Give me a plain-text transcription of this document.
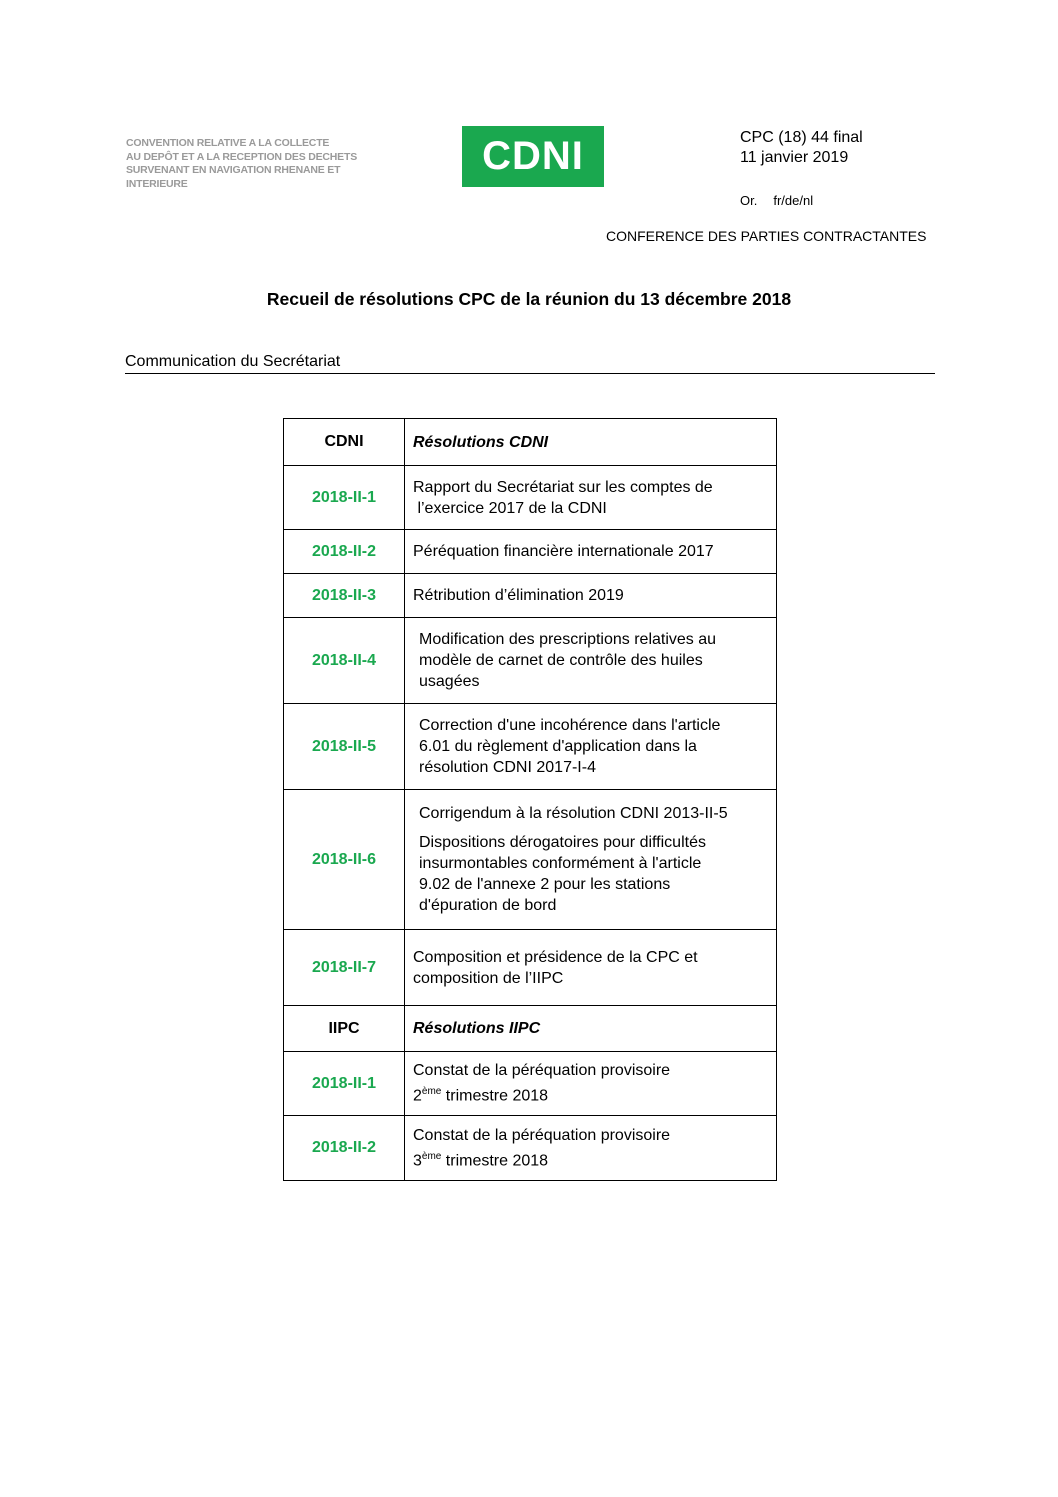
CONVENTION RELATIVE A LA COLLECTE
AU DEPÔT ET A LA RECEPTION DES DECHETS
SURVENANT EN NAVIGATION RHENANE ET
INTERIEURE
CDNI	CPC (18) 44 final
11 janvier 2019
Or. fr/de/nl
CONFERENCE DES PARTIES CONTRACTANTES
Recueil de résolutions CPC de la réunion du 13 décembre 2018
Communication du Secrétariat
CDNI	Résolutions CDNI
2018-II-1	Rapport du Secrétariat sur les comptes de
l’exercice 2017 de la CDNI

2018-II-2	Péréquation financière internationale 2017

2018-II-3	Rétribution d’élimination 2019

2018-II-4	Modification des prescriptions relatives au
modèle de carnet de contrôle des huiles
usagées

2018-II-5	Correction d'une incohérence dans l'article
6.01 du règlement d'application dans la
résolution CDNI 2017-I-4

2018-II-6	Corrigendum à la résolution CDNI 2013-II-5
Dispositions dérogatoires pour difficultés
insurmontables conformément à l'article
9.02 de l'annexe 2 pour les stations
d'épuration de bord

2018-II-7	Composition et présidence de la CPC et
composition de l’IIPC

IIPC	Résolutions IIPC
2018-II-1	Constat de la péréquation provisoire
2ème trimestre 2018

2018-II-2	Constat de la péréquation provisoire
3ème trimestre 2018
